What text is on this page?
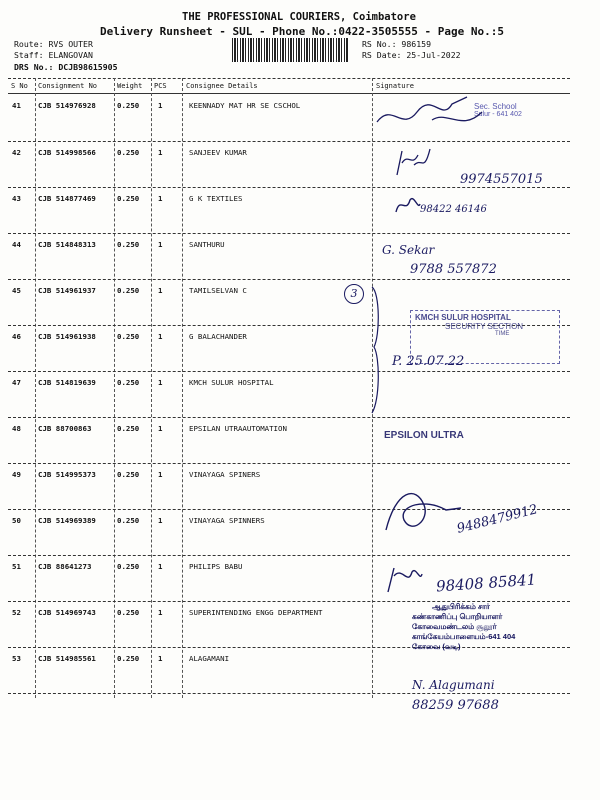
THE PROFESSIONAL COURIERS, Coimbatore
Delivery Runsheet - SUL - Phone No.:0422-3505555 - Page No.:5
Route: RVS OUTER
Staff: ELANGOVAN
DRS No.: DCJB98615905
RS No.: 986159
RS Date: 25-Jul-2022
S No Consignment No	Weight PCS	Consignee Details	Signature
41 CJB 514976928	0.250	1	KEENNADY MAT HR SE CSCHOL
42 CJB 514998566	0.250	1	SANJEEV KUMAR
43 CJB 514877469	0.250	1	G K TEXTILES
44 CJB 514848313	0.250	1	SANTHURU
45 CJB 514961937	0.250	1	TAMILSELVAN C
46 CJB 514961938	0.250	1	G BALACHANDER
47 CJB 514819639	0.250	1	KMCH SULUR HOSPITAL
48 CJB 88700863	0.250	1	EPSILAN UTRAAUTOMATION
49 CJB 514995373	0.250	1	VINAYAGA SPINERS
50 CJB 514969389	0.250	1	VINAYAGA SPINNERS
51 CJB 88641273	0.250	1	PHILIPS BABU
52 CJB 514969743	0.250	1	SUPERINTENDING ENGG DEPARTMENT
53 CJB 514985561	0.250	1	ALAGAMANI
Sec. School
Sulur - 641 402
9974557015
98422 46146
G. Sekar
9788 557872
3
KMCH SULUR HOSPITAL
SECURITY SECTION
TIME
P. 25.07.22
EPSILON ULTRA
9488479912
98408 85841
ஆதுபிரிக்கம் சார்
கண்காணிப்பு பொறியாளர்
கோவைமண்டலம் சூலூர்
காங்கேயம்பாளையம்-641 404
கோவை (வடி)
N. Alagumani
88259 97688
